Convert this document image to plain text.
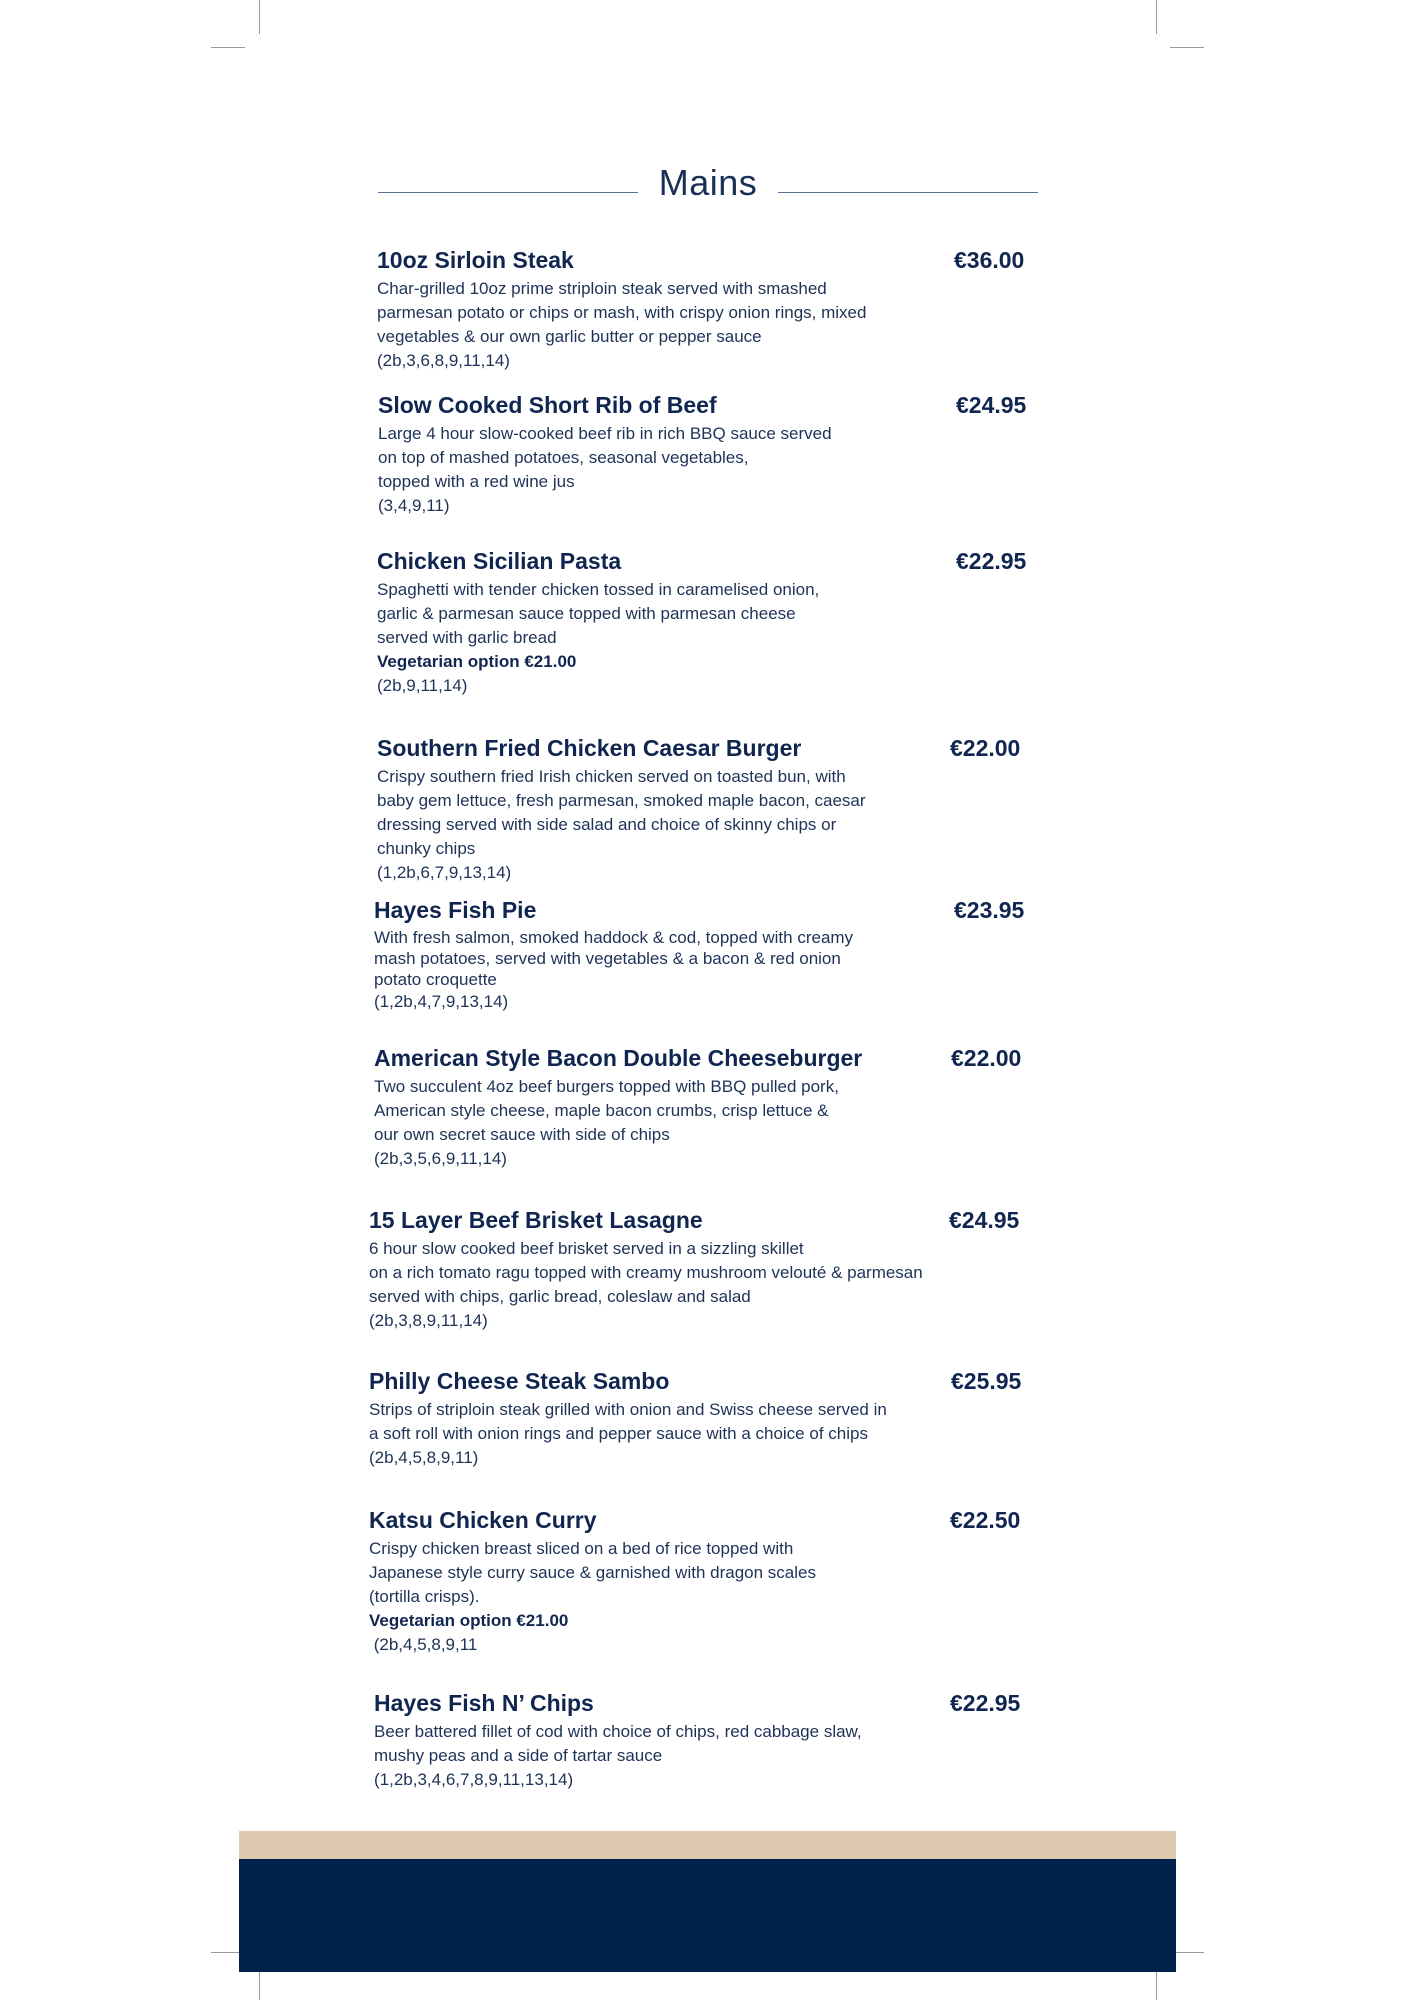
Mains
10oz Sirloin Steak	€36.00
Char-grilled 10oz prime striploin steak served with smashed
parmesan potato or chips or mash, with crispy onion rings, mixed
vegetables & our own garlic butter or pepper sauce
(2b,3,6,8,9,11,14)
Slow Cooked Short Rib of Beef	€24.95
Large 4 hour slow-cooked beef rib in rich BBQ sauce served
on top of mashed potatoes, seasonal vegetables,
topped with a red wine jus
(3,4,9,11)
Chicken Sicilian Pasta	€22.95
Spaghetti with tender chicken tossed in caramelised onion,
garlic & parmesan sauce topped with parmesan cheese
served with garlic bread
Vegetarian option €21.00
(2b,9,11,14)
Southern Fried Chicken Caesar Burger	€22.00
Crispy southern fried Irish chicken served on toasted bun, with
baby gem lettuce, fresh parmesan, smoked maple bacon, caesar
dressing served with side salad and choice of skinny chips or
chunky chips
(1,2b,6,7,9,13,14)
Hayes Fish Pie	€23.95
With fresh salmon, smoked haddock & cod, topped with creamy
mash potatoes, served with vegetables & a bacon & red onion
potato croquette
(1,2b,4,7,9,13,14)
American Style Bacon Double Cheeseburger	€22.00
Two succulent 4oz beef burgers topped with BBQ pulled pork,
American style cheese, maple bacon crumbs, crisp lettuce &
our own secret sauce with side of chips
(2b,3,5,6,9,11,14)
15 Layer Beef Brisket Lasagne	€24.95
6 hour slow cooked beef brisket served in a sizzling skillet
on a rich tomato ragu topped with creamy mushroom velouté & parmesan
served with chips, garlic bread, coleslaw and salad
(2b,3,8,9,11,14)
Philly Cheese Steak Sambo	€25.95
Strips of striploin steak grilled with onion and Swiss cheese served in
a soft roll with onion rings and pepper sauce with a choice of chips
(2b,4,5,8,9,11)
Katsu Chicken Curry	€22.50
Crispy chicken breast sliced on a bed of rice topped with
Japanese style curry sauce & garnished with dragon scales
(tortilla crisps).
Vegetarian option €21.00
(2b,4,5,8,9,11
Hayes Fish N’ Chips	€22.95
Beer battered fillet of cod with choice of chips, red cabbage slaw,
mushy peas and a side of tartar sauce
(1,2b,3,4,6,7,8,9,11,13,14)
